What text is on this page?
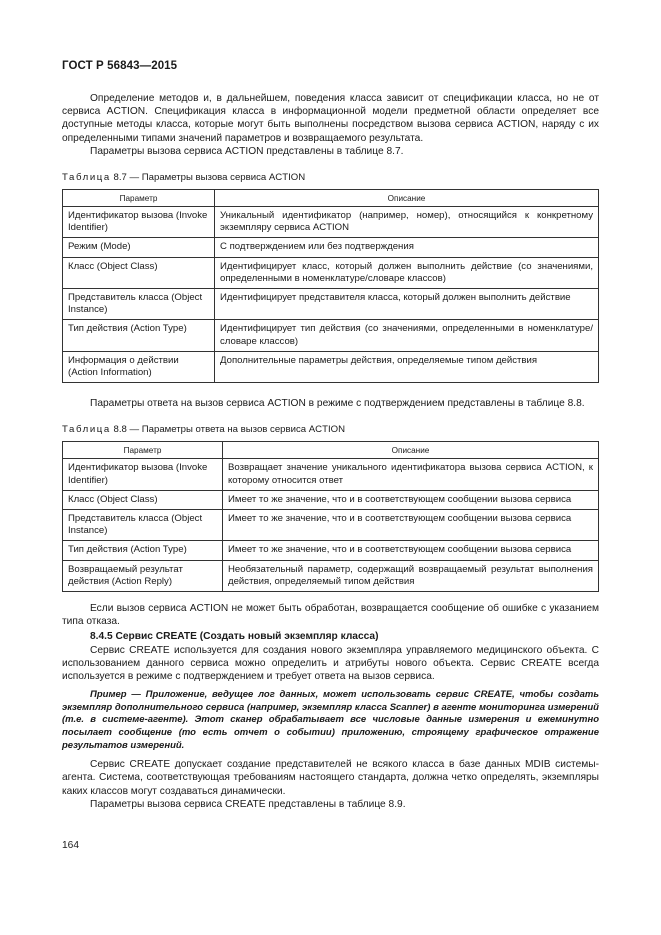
ГОСТ Р 56843—2015

Определение методов и, в дальнейшем, поведения класса зависит от спецификации класса, но не от сервиса ACTION. Спецификация класса в информационной модели предметной области определяет все доступные методы класса, которые могут быть выполнены посредством вызова сервиса ACTION, наряду с их определенными типами значений параметров и возвращаемого результата.

Параметры вызова сервиса ACTION представлены в таблице 8.7.

Таблица 8.7 — Параметры вызова сервиса ACTION
Параметр	Описание
Идентификатор вызова (Invoke Identifier)	Уникальный идентификатор (например, номер), относящийся к конкретному экземпляру сервиса ACTION
Режим (Mode)	С подтверждением или без подтверждения
Класс (Object Class)	Идентифицирует класс, который должен выполнить действие (со значениями, определенными в номенклатуре/словаре классов)
Представитель класса (Object Instance)	Идентифицирует представителя класса, который должен выполнить действие
Тип действия (Action Type)	Идентифицирует тип действия (со значениями, определенными в номенклатуре/словаре классов)
Информация о действии (Action Information)	Дополнительные параметры действия, определяемые типом действия

Параметры ответа на вызов сервиса ACTION в режиме с подтверждением представлены в таблице 8.8.

Таблица 8.8 — Параметры ответа на вызов сервиса ACTION
Параметр	Описание
Идентификатор вызова (Invoke Identifier)	Возвращает значение уникального идентификатора вызова сервиса ACTION, к которому относится ответ
Класс (Object Class)	Имеет то же значение, что и в соответствующем сообщении вызова сервиса
Представитель класса (Object Instance)	Имеет то же значение, что и в соответствующем сообщении вызова сервиса
Тип действия (Action Type)	Имеет то же значение, что и в соответствующем сообщении вызова сервиса
Возвращаемый результат действия (Action Reply)	Необязательный параметр, содержащий возвращаемый результат выполнения действия, определяемый типом действия

Если вызов сервиса ACTION не может быть обработан, возвращается сообщение об ошибке с указанием типа отказа.

8.4.5 Сервис CREATE (Создать новый экземпляр класса)

Сервис CREATE используется для создания нового экземпляра управляемого медицинского объекта. С использованием данного сервиса можно определить и атрибуты нового объекта. Сервис CREATE всегда используется в режиме с подтверждением и требует ответа на вызов сервиса.

Пример — Приложение, ведущее лог данных, может использовать сервис CREATE, чтобы создать экземпляр дополнительного сервиса (например, экземпляр класса Scanner) в агенте мониторинга измерений (т.е. в системе-агенте). Этот сканер обрабатывает все числовые данные измерения и ежеминутно посылает сообщение (то есть отчет о событии) приложению, строящему графическое отражение результатов измерений.

Сервис CREATE допускает создание представителей не всякого класса в базе данных MDIB системы-агента. Система, соответствующая требованиям настоящего стандарта, должна четко определять, экземпляры каких классов могут создаваться динамически.

Параметры вызова сервиса CREATE представлены в таблице 8.9.

164
